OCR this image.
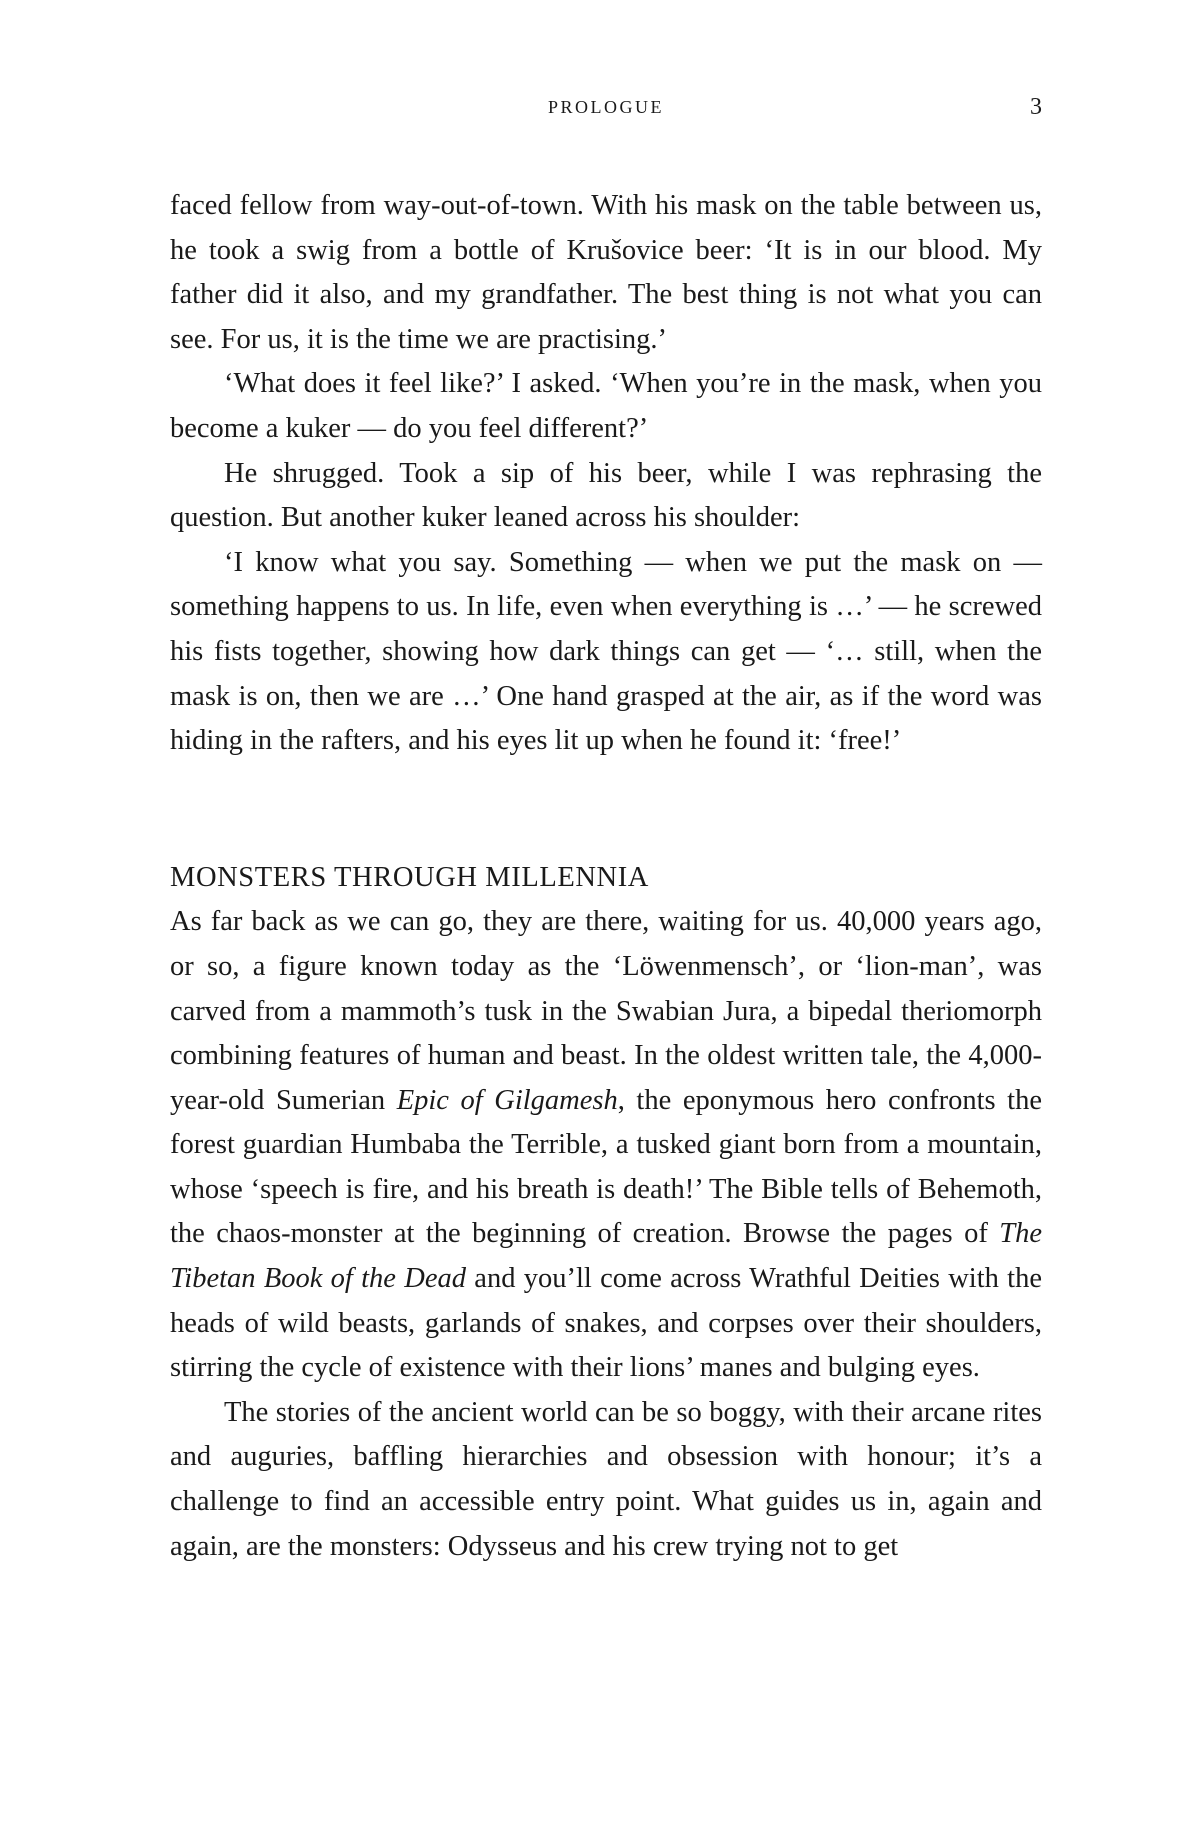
PROLOGUE	3

faced fellow from way-out-of-town. With his mask on the table between us, he took a swig from a bottle of Krušovice beer: ‘It is in our blood. My father did it also, and my grandfather. The best thing is not what you can see. For us, it is the time we are practising.’

‘What does it feel like?’ I asked. ‘When you’re in the mask, when you become a kuker — do you feel different?’

He shrugged. Took a sip of his beer, while I was rephrasing the question. But another kuker leaned across his shoulder:

‘I know what you say. Something — when we put the mask on — something happens to us. In life, even when everything is …’ — he screwed his fists together, showing how dark things can get — ‘… still, when the mask is on, then we are …’ One hand grasped at the air, as if the word was hiding in the rafters, and his eyes lit up when he found it: ‘free!’

MONSTERS THROUGH MILLENNIA

As far back as we can go, they are there, waiting for us. 40,000 years ago, or so, a figure known today as the ‘Löwenmensch’, or ‘lion-man’, was carved from a mammoth’s tusk in the Swabian Jura, a bipedal theriomorph combining features of human and beast. In the oldest written tale, the 4,000-year-old Sumerian Epic of Gilgamesh, the eponymous hero confronts the forest guardian Humbaba the Terrible, a tusked giant born from a mountain, whose ‘speech is fire, and his breath is death!’ The Bible tells of Behemoth, the chaos-monster at the beginning of creation. Browse the pages of The Tibetan Book of the Dead and you’ll come across Wrathful Deities with the heads of wild beasts, garlands of snakes, and corpses over their shoulders, stirring the cycle of existence with their lions’ manes and bulging eyes.

The stories of the ancient world can be so boggy, with their arcane rites and auguries, baffling hierarchies and obsession with honour; it’s a challenge to find an accessible entry point. What guides us in, again and again, are the monsters: Odysseus and his crew trying not to get
